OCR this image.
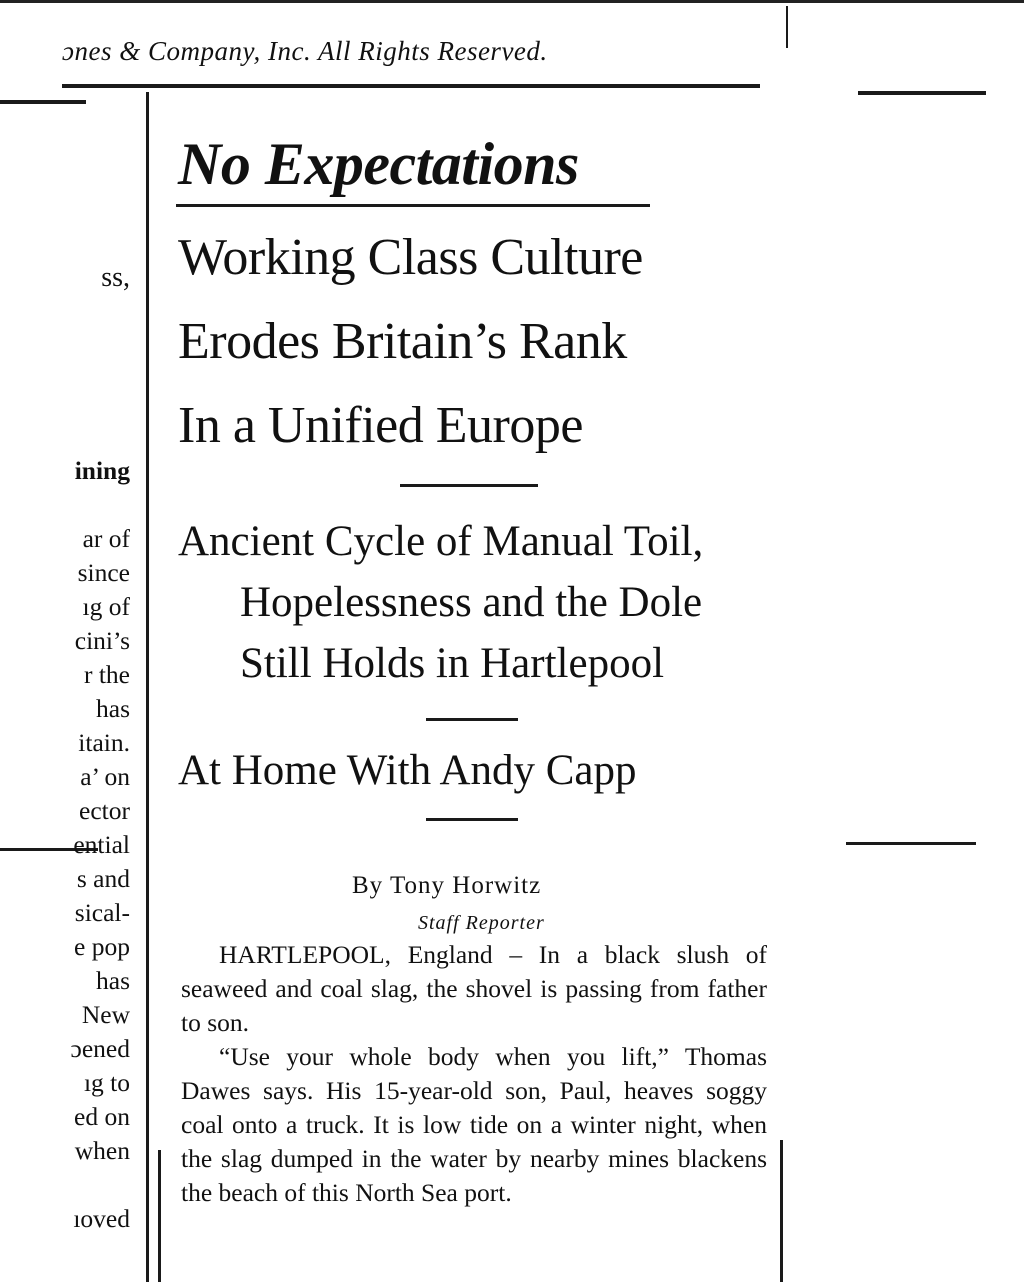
ɔnes & Company, Inc. All Rights Reserved.
ss,
ining
ar of
since
ıg of
cini’s
r the
has
itain.
a’ on
ector
ential
s and
sical-
e pop
has
New
ɔened
ıg to
ed on
when
ıoved
No Expectations
Working Class Culture
Erodes Britain’s Rank
In a Unified Europe
Ancient Cycle of Manual Toil,
Hopelessness and the Dole
Still Holds in Hartlepool
At Home With Andy Capp
By Tony Horwitz
Staff Reporter

HARTLEPOOL, England – In a black slush of seaweed and coal slag, the shovel is passing from father to son.

“Use your whole body when you lift,” Thomas Dawes says. His 15-year-old son, Paul, heaves soggy coal onto a truck. It is low tide on a winter night, when the slag dumped in the water by nearby mines blackens the beach of this North Sea port.
